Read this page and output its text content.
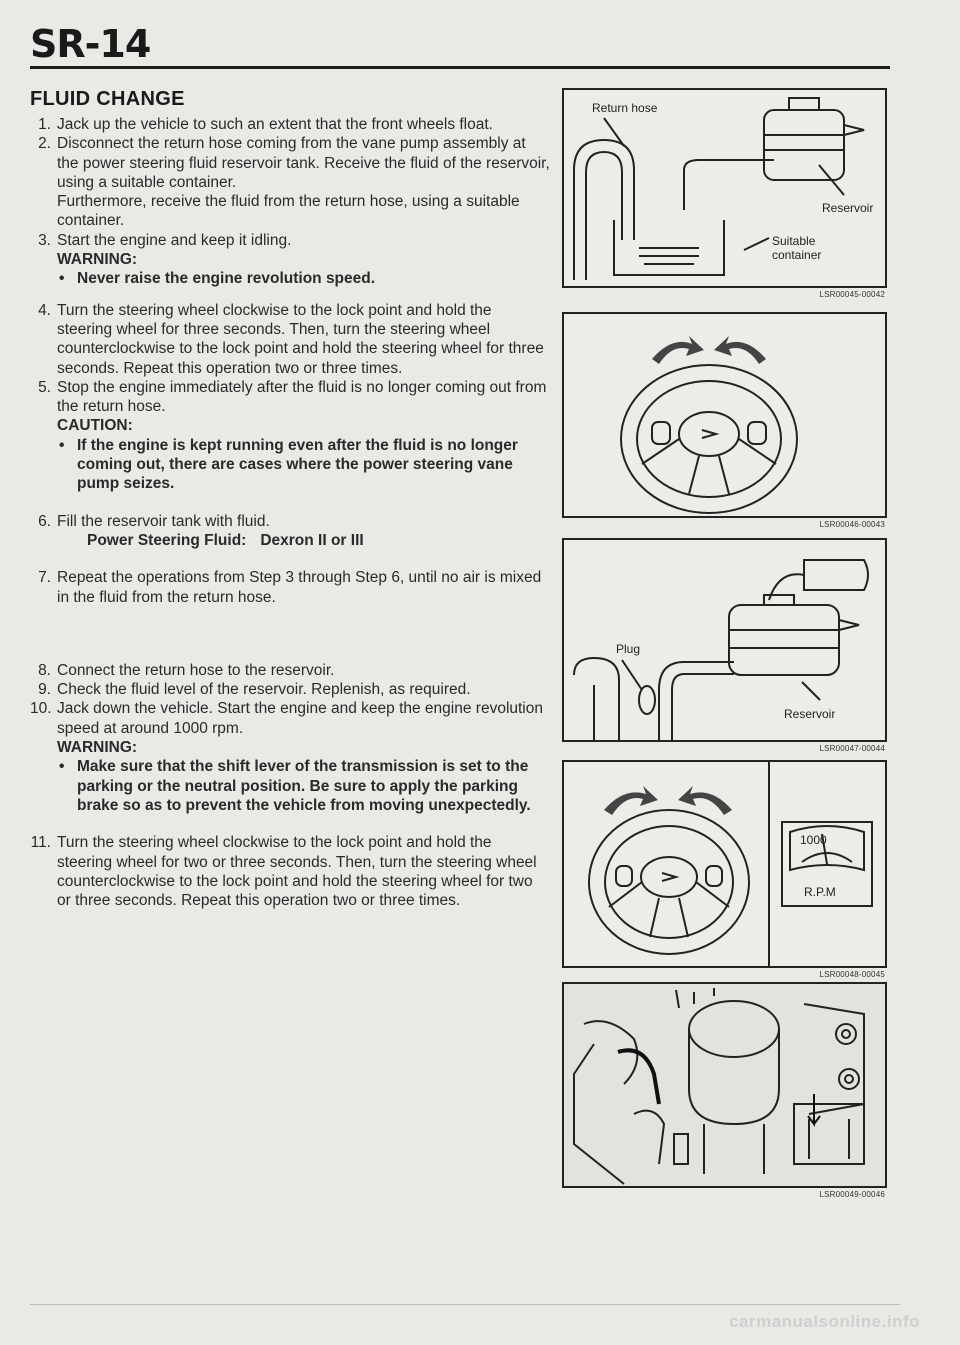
SR-14
FLUID CHANGE
1. Jack up the vehicle to such an extent that the front wheels float.

2. Disconnect the return hose coming from the vane pump assembly at the power steering fluid reservoir tank. Receive the fluid of the reservoir, using a suitable container.

Furthermore, receive the fluid from the return hose, using a suitable container.

3. Start the engine and keep it idling.

WARNING:
• Never raise the engine revolution speed.
4. Turn the steering wheel clockwise to the lock point and hold the steering wheel for three seconds. Then, turn the steering wheel counterclockwise to the lock point and hold the steering wheel for three seconds. Repeat this operation two or three times.

5. Stop the engine immediately after the fluid is no longer coming out from the return hose.

CAUTION:
• If the engine is kept running even after the fluid is no longer coming out, there are cases where the power steering vane pump seizes.
6. Fill the reservoir tank with fluid.

Power Steering Fluid: Dexron II or III
7. Repeat the operations from Step 3 through Step 6, until no air is mixed in the fluid from the return hose.

8. Connect the return hose to the reservoir.

9. Check the fluid level of the reservoir. Replenish, as required.

10. Jack down the vehicle. Start the engine and keep the engine revolution speed at around 1000 rpm.

WARNING:
• Make sure that the shift lever of the transmission is set to the parking or the neutral position. Be sure to apply the parking brake so as to prevent the vehicle from moving unexpectedly.
11. Turn the steering wheel clockwise to the lock point and hold the steering wheel for two or three seconds. Then, turn the steering wheel counterclockwise to the lock point and hold the steering wheel for two or three seconds. Repeat this operation two or three times.

Return hose
Reservoir
Suitable
container
LSR00045-00042
LSR00046-00043
Plug
Reservoir
LSR00047-00044
1000
R.P.M
LSR00048-00045
LSR00049-00046
carmanualsonline.info
